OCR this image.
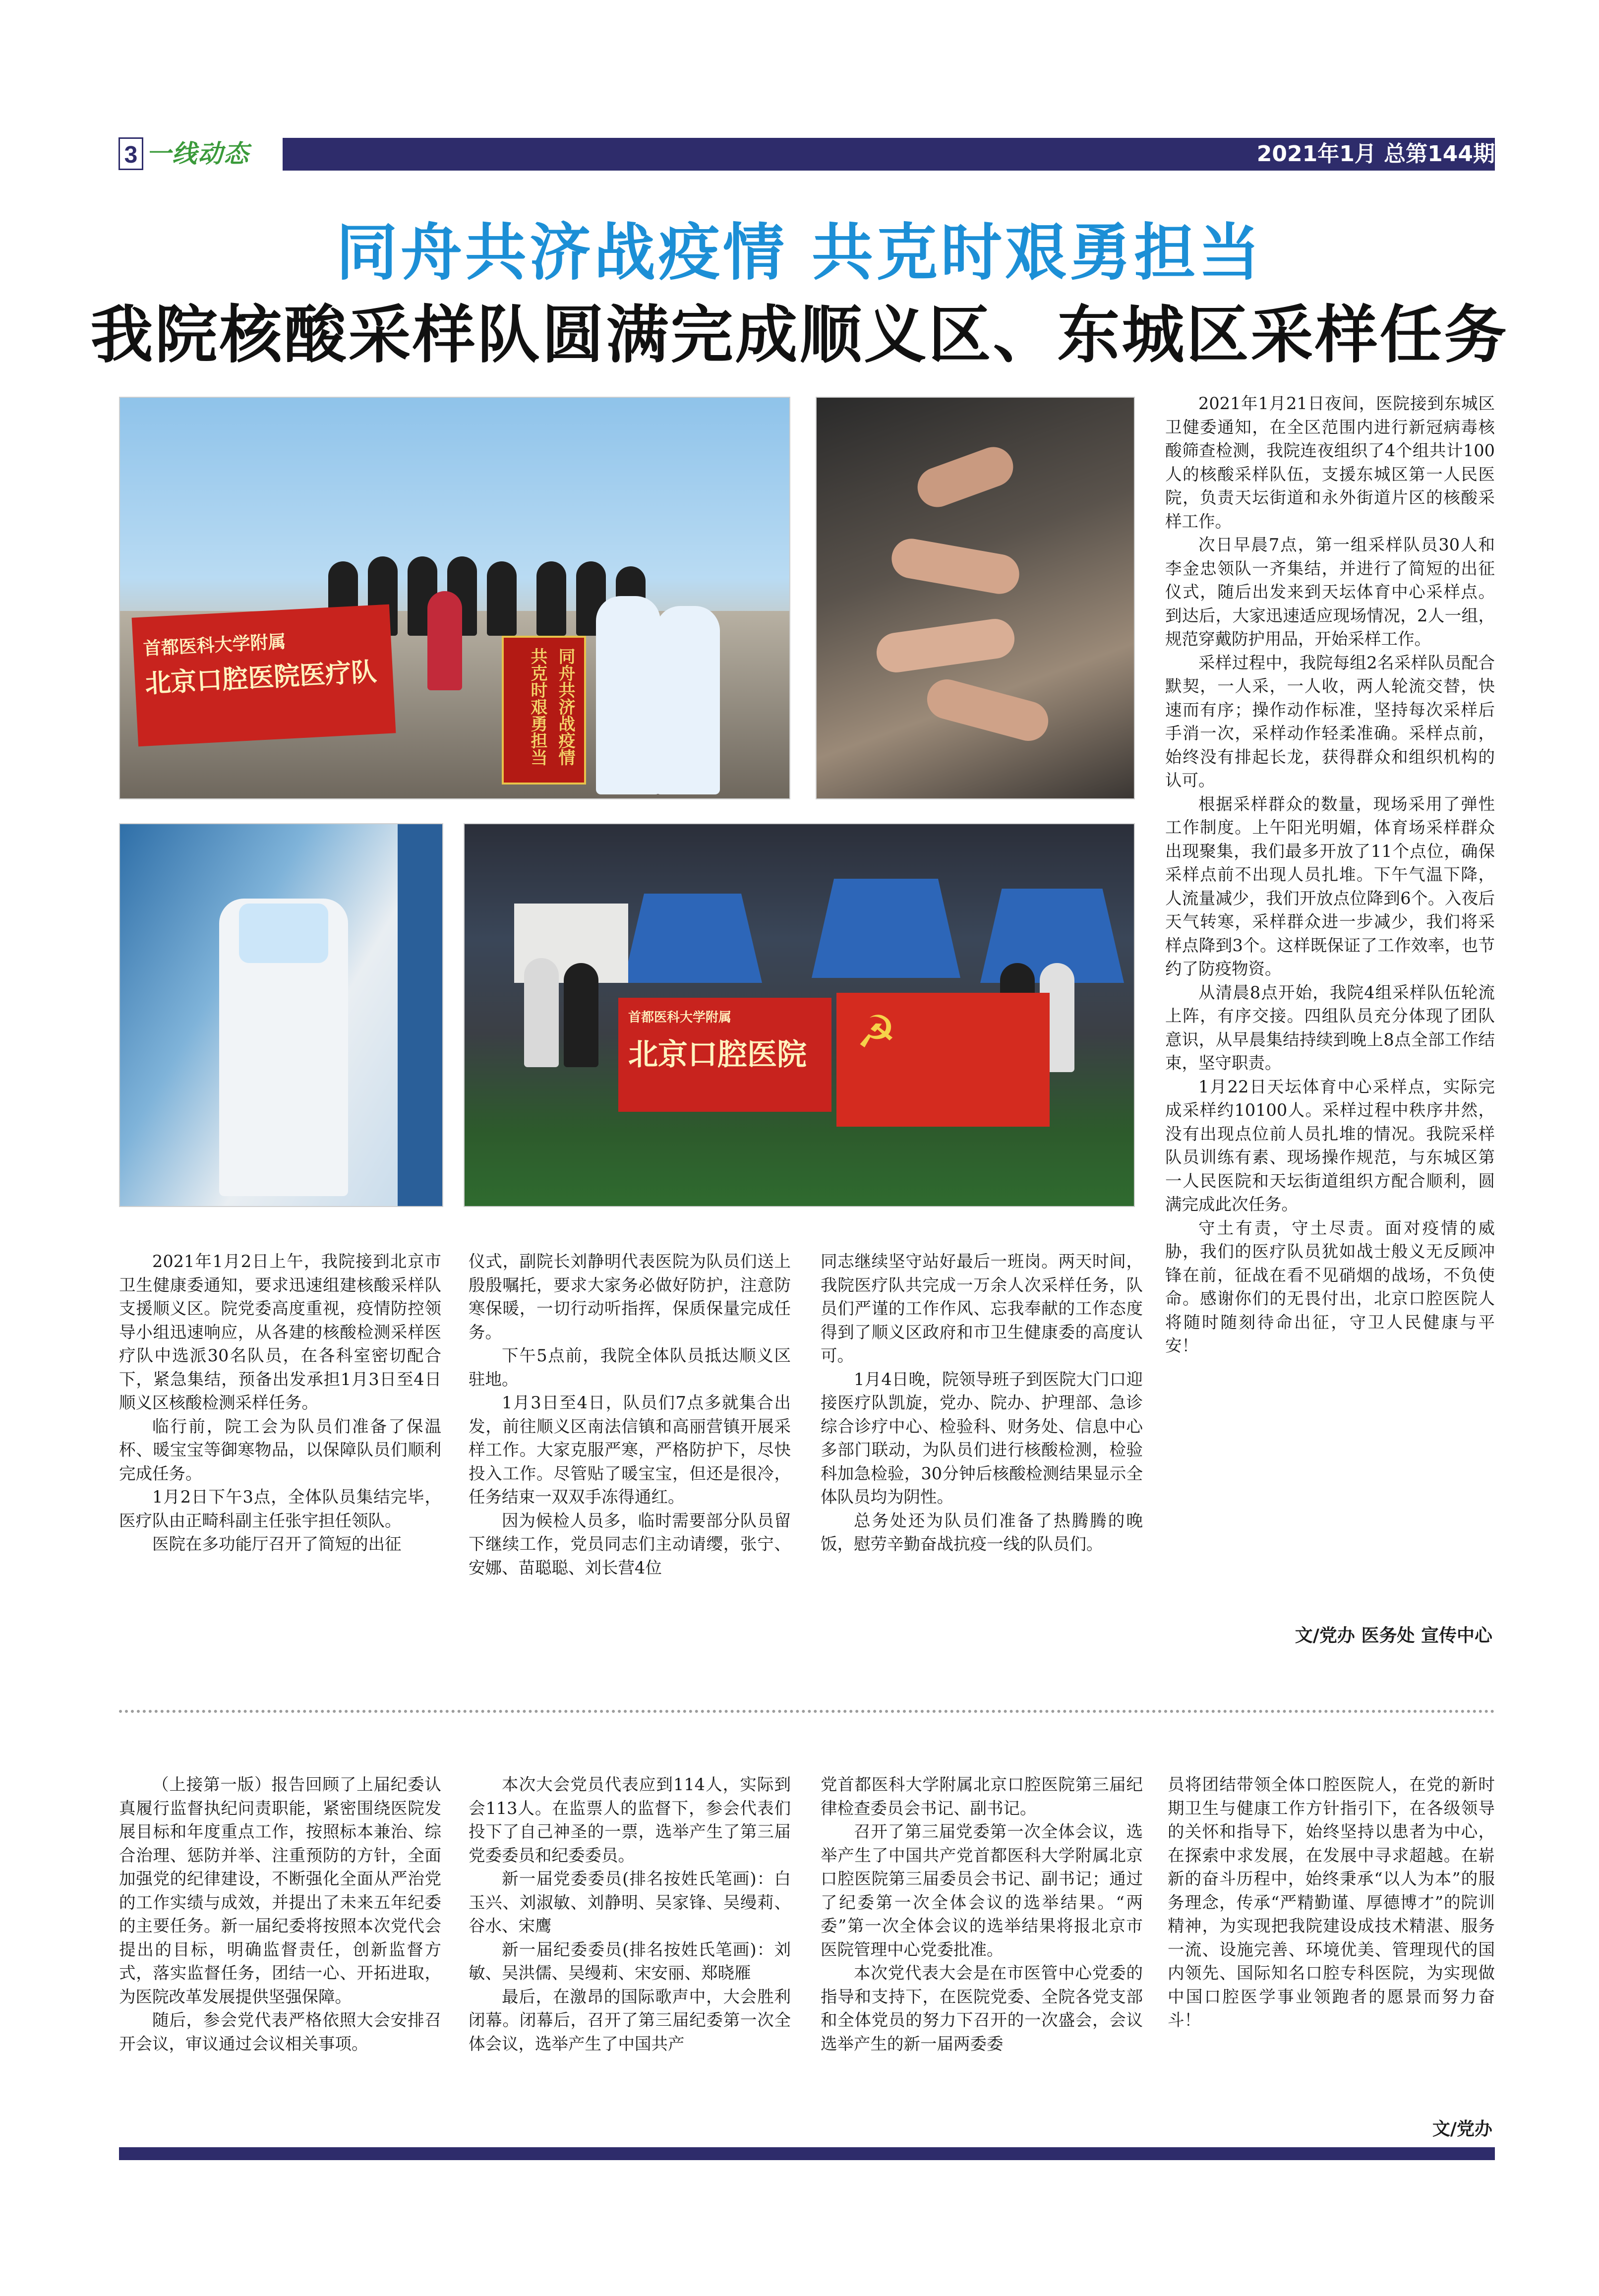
3 一线动态	2021年1月 总第144期
同舟共济战疫情 共克时艰勇担当
我院核酸采样队圆满完成顺义区、东城区采样任务
首都医科大学附属
北京口腔医院医疗队	同舟共济战疫情 共克时艰勇担当
首都医科大学附属
北京口腔医院	☭

2021年1月21日夜间，医院接到东城区卫健委通知，在全区范围内进行新冠病毒核酸筛查检测，我院连夜组织了4个组共计100人的核酸采样队伍，支援东城区第一人民医院，负责天坛街道和永外街道片区的核酸采样工作。

次日早晨7点，第一组采样队员30人和李金忠领队一齐集结，并进行了简短的出征仪式，随后出发来到天坛体育中心采样点。到达后，大家迅速适应现场情况，2人一组，规范穿戴防护用品，开始采样工作。

采样过程中，我院每组2名采样队员配合默契，一人采，一人收，两人轮流交替，快速而有序；操作动作标准，坚持每次采样后手消一次，采样动作轻柔准确。采样点前，始终没有排起长龙，获得群众和组织机构的认可。

根据采样群众的数量，现场采用了弹性工作制度。上午阳光明媚，体育场采样群众出现聚集，我们最多开放了11个点位，确保采样点前不出现人员扎堆。下午气温下降，人流量减少，我们开放点位降到6个。入夜后天气转寒，采样群众进一步减少，我们将采样点降到3个。这样既保证了工作效率，也节约了防疫物资。

从清晨8点开始，我院4组采样队伍轮流上阵，有序交接。四组队员充分体现了团队意识，从早晨集结持续到晚上8点全部工作结束，坚守职责。

1月22日天坛体育中心采样点，实际完成采样约10100人。采样过程中秩序井然，没有出现点位前人员扎堆的情况。我院采样队员训练有素、现场操作规范，与东城区第一人民医院和天坛街道组织方配合顺利，圆满完成此次任务。

守土有责，守土尽责。面对疫情的威胁，我们的医疗队员犹如战士般义无反顾冲锋在前，征战在看不见硝烟的战场，不负使命。感谢你们的无畏付出，北京口腔医院人将随时随刻待命出征，守卫人民健康与平安！

2021年1月2日上午，我院接到北京市卫生健康委通知，要求迅速组建核酸采样队支援顺义区。院党委高度重视，疫情防控领导小组迅速响应，从各建的核酸检测采样医疗队中选派30名队员，在各科室密切配合下，紧急集结，预备出发承担1月3日至4日顺义区核酸检测采样任务。

临行前，院工会为队员们准备了保温杯、暖宝宝等御寒物品，以保障队员们顺利完成任务。

1月2日下午3点，全体队员集结完毕，医疗队由正畸科副主任张宇担任领队。

医院在多功能厅召开了简短的出征

仪式，副院长刘静明代表医院为队员们送上殷殷嘱托，要求大家务必做好防护，注意防寒保暖，一切行动听指挥，保质保量完成任务。

下午5点前，我院全体队员抵达顺义区驻地。

1月3日至4日，队员们7点多就集合出发，前往顺义区南法信镇和高丽营镇开展采样工作。大家克服严寒，严格防护下，尽快投入工作。尽管贴了暖宝宝，但还是很冷，任务结束一双双手冻得通红。

因为候检人员多，临时需要部分队员留下继续工作，党员同志们主动请缨，张宁、安娜、苗聪聪、刘长营4位

同志继续坚守站好最后一班岗。两天时间，我院医疗队共完成一万余人次采样任务，队员们严谨的工作作风、忘我奉献的工作态度得到了顺义区政府和市卫生健康委的高度认可。

1月4日晚，院领导班子到医院大门口迎接医疗队凯旋，党办、院办、护理部、急诊综合诊疗中心、检验科、财务处、信息中心多部门联动，为队员们进行核酸检测，检验科加急检验，30分钟后核酸检测结果显示全体队员均为阴性。

总务处还为队员们准备了热腾腾的晚饭，慰劳辛勤奋战抗疫一线的队员们。

文/党办 医务处 宣传中心

（上接第一版）报告回顾了上届纪委认真履行监督执纪问责职能，紧密围绕医院发展目标和年度重点工作，按照标本兼治、综合治理、惩防并举、注重预防的方针，全面加强党的纪律建设，不断强化全面从严治党的工作实绩与成效，并提出了未来五年纪委的主要任务。新一届纪委将按照本次党代会提出的目标，明确监督责任，创新监督方式，落实监督任务，团结一心、开拓进取，为医院改革发展提供坚强保障。

随后，参会党代表严格依照大会安排召开会议，审议通过会议相关事项。

本次大会党员代表应到114人，实际到会113人。在监票人的监督下，参会代表们投下了自己神圣的一票，选举产生了第三届党委委员和纪委委员。

新一届党委委员(排名按姓氏笔画)：白玉兴、刘淑敏、刘静明、吴家锋、吴缦莉、谷水、宋鹰

新一届纪委委员(排名按姓氏笔画)：刘敏、吴洪儒、吴缦莉、宋安丽、郑晓雁

最后，在激昂的国际歌声中，大会胜利闭幕。闭幕后，召开了第三届纪委第一次全体会议，选举产生了中国共产

党首都医科大学附属北京口腔医院第三届纪律检查委员会书记、副书记。

召开了第三届党委第一次全体会议，选举产生了中国共产党首都医科大学附属北京口腔医院第三届委员会书记、副书记；通过了纪委第一次全体会议的选举结果。“两委”第一次全体会议的选举结果将报北京市医院管理中心党委批准。

本次党代表大会是在市医管中心党委的指导和支持下，在医院党委、全院各党支部和全体党员的努力下召开的一次盛会，会议选举产生的新一届两委委

员将团结带领全体口腔医院人，在党的新时期卫生与健康工作方针指引下，在各级领导的关怀和指导下，始终坚持以患者为中心，在探索中求发展，在发展中寻求超越。在崭新的奋斗历程中，始终秉承“以人为本”的服务理念，传承“严精勤谨、厚德博才”的院训精神，为实现把我院建设成技术精湛、服务一流、设施完善、环境优美、管理现代的国内领先、国际知名口腔专科医院，为实现做中国口腔医学事业领跑者的愿景而努力奋斗！

文/党办
